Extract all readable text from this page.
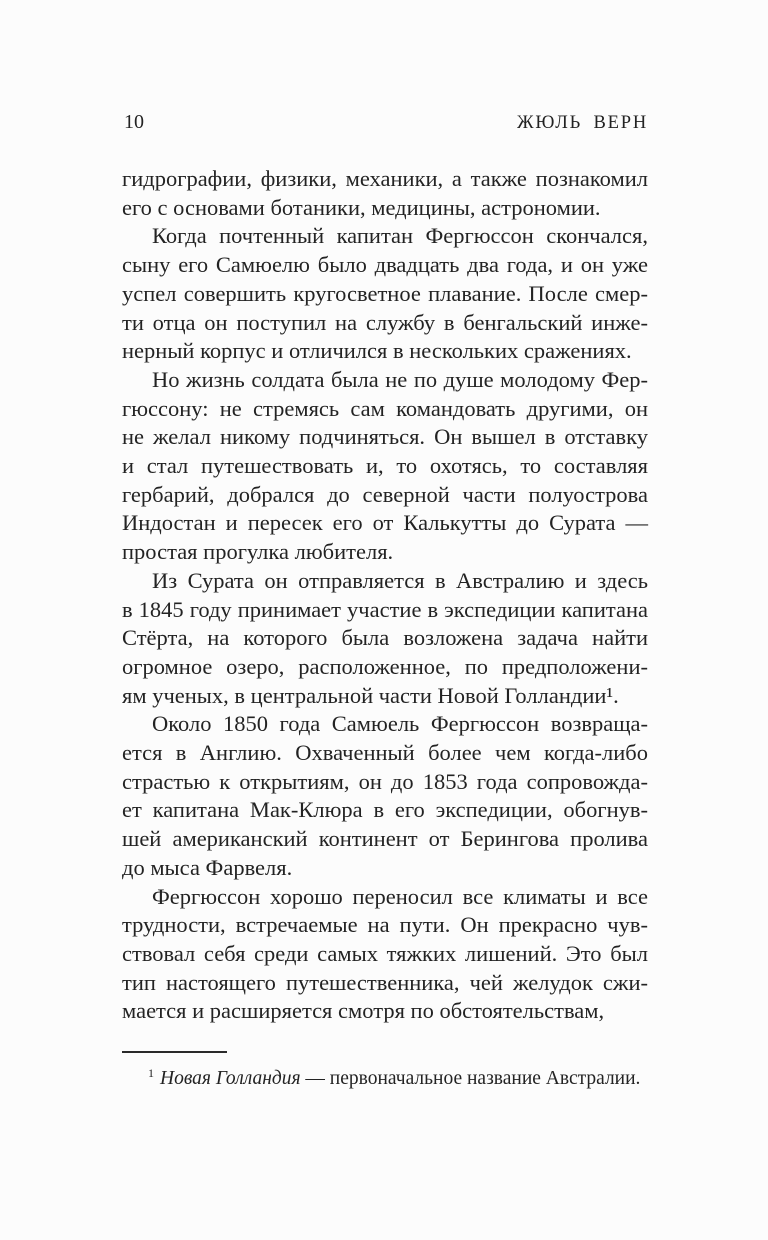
10	ЖЮЛЬ ВЕРН
гидрографии, физики, механики, а также познакомил
его с основами ботаники, медицины, астрономии.
Когда почтенный капитан Фергюссон скончался,
сыну его Самюелю было двадцать два года, и он уже
успел совершить кругосветное плавание. После смер-
ти отца он поступил на службу в бенгальский инже-
нерный корпус и отличился в нескольких сражениях.
Но жизнь солдата была не по душе молодому Фер-
гюссону: не стремясь сам командовать другими, он
не желал никому подчиняться. Он вышел в отставку
и стал путешествовать и, то охотясь, то составляя
гербарий, добрался до северной части полуострова
Индостан и пересек его от Калькутты до Сурата —
простая прогулка любителя.
Из Сурата он отправляется в Австралию и здесь
в 1845 году принимает участие в экспедиции капитана
Стёрта, на которого была возложена задача найти
огромное озеро, расположенное, по предположени-
ям ученых, в центральной части Новой Голландии¹.
Около 1850 года Самюель Фергюссон возвраща-
ется в Англию. Охваченный более чем когда-либо
страстью к открытиям, он до 1853 года сопровожда-
ет капитана Мак-Клюра в его экспедиции, обогнув-
шей американский континент от Берингова пролива
до мыса Фарвеля.
Фергюссон хорошо переносил все климаты и все
трудности, встречаемые на пути. Он прекрасно чув-
ствовал себя среди самых тяжких лишений. Это был
тип настоящего путешественника, чей желудок сжи-
мается и расширяется смотря по обстоятельствам,
$^1$ Новая Голландия — первоначальное название Австралии.
